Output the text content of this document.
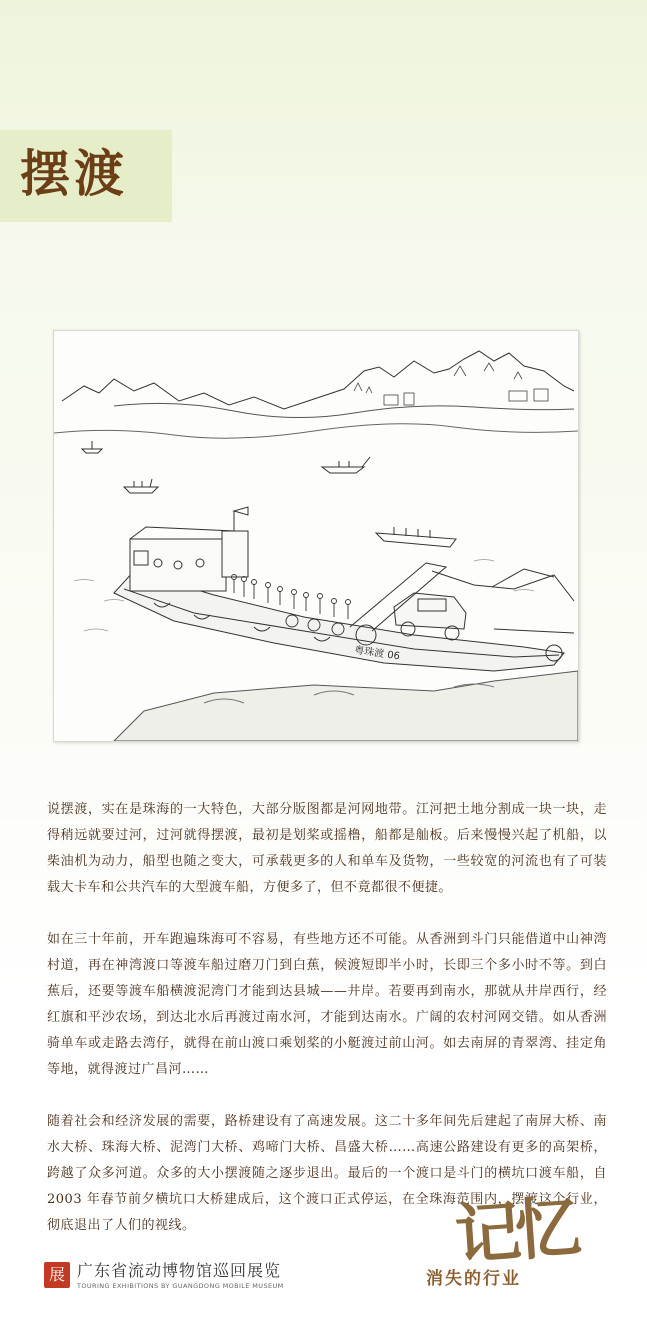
摆渡
粤珠渡 06

说摆渡，实在是珠海的一大特色，大部分版图都是河网地带。江河把土地分割成一块一块，走得稍远就要过河，过河就得摆渡，最初是划桨或摇橹，船都是舢板。后来慢慢兴起了机船，以柴油机为动力，船型也随之变大，可承载更多的人和单车及货物，一些较宽的河流也有了可装载大卡车和公共汽车的大型渡车船，方便多了，但不竟都很不便捷。

如在三十年前，开车跑遍珠海可不容易，有些地方还不可能。从香洲到斗门只能借道中山神湾村道，再在神湾渡口等渡车船过磨刀门到白蕉，候渡短即半小时，长即三个多小时不等。到白蕉后，还要等渡车船横渡泥湾门才能到达县城——井岸。若要再到南水，那就从井岸西行，经红旗和平沙农场，到达北水后再渡过南水河，才能到达南水。广阔的农村河网交错。如从香洲骑单车或走路去湾仔，就得在前山渡口乘划桨的小艇渡过前山河。如去南屏的青翠湾、挂定角等地，就得渡过广昌河……

随着社会和经济发展的需要，路桥建设有了高速发展。这二十多年间先后建起了南屏大桥、南水大桥、珠海大桥、泥湾门大桥、鸡啼门大桥、昌盛大桥……高速公路建设有更多的高架桥，跨越了众多河道。众多的大小摆渡随之逐步退出。最后的一个渡口是斗门的横坑口渡车船，自 2003 年春节前夕横坑口大桥建成后，这个渡口正式停运，在全珠海范围内，摆渡这个行业，彻底退出了人们的视线。

展 广东省流动博物馆巡回展览
TOURING EXHIBITIONS BY GUANGDONG MOBILE MUSEUM
记忆
消失的行业
